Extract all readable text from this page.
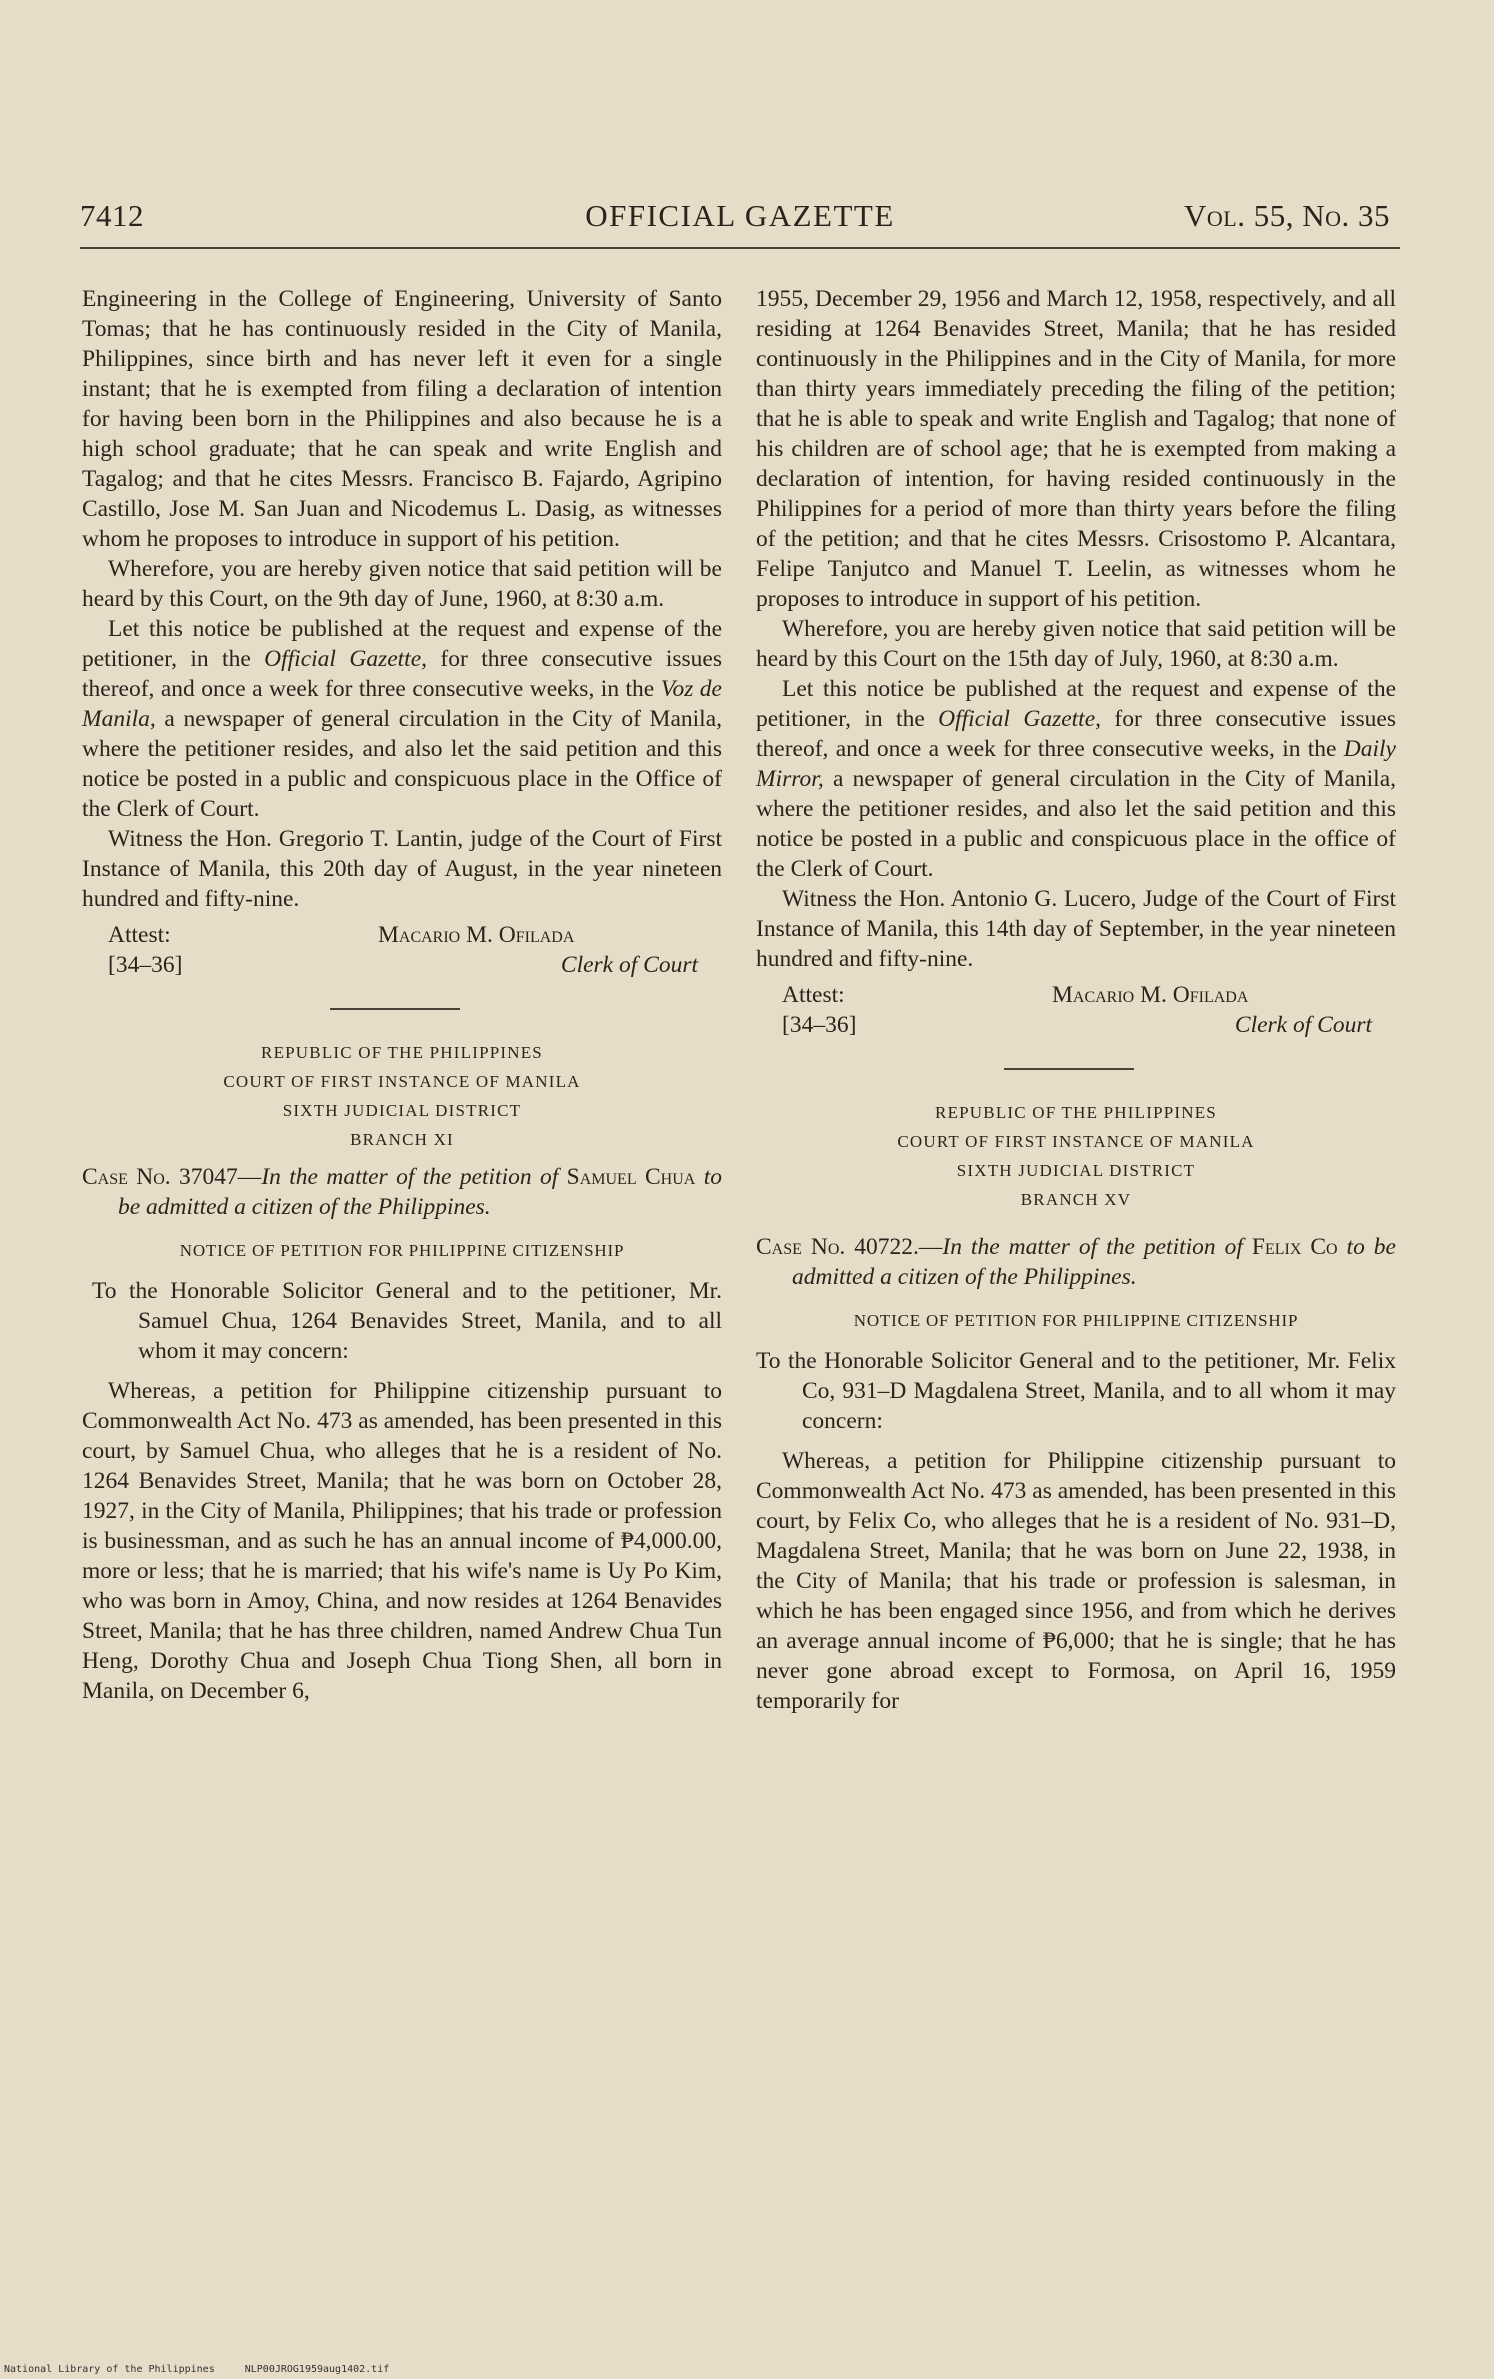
7412	OFFICIAL GAZETTE	Vol. 55, No. 35

Engineering in the College of Engineering, University of Santo Tomas; that he has continuously resided in the City of Manila, Philippines, since birth and has never left it even for a single instant; that he is exempted from filing a declaration of intention for having been born in the Philippines and also because he is a high school graduate; that he can speak and write English and Tagalog; and that he cites Messrs. Francisco B. Fajardo, Agripino Castillo, Jose M. San Juan and Nicodemus L. Dasig, as witnesses whom he proposes to introduce in support of his petition.

Wherefore, you are hereby given notice that said petition will be heard by this Court, on the 9th day of June, 1960, at 8:30 a.m.

Let this notice be published at the request and expense of the petitioner, in the Official Gazette, for three consecutive issues thereof, and once a week for three consecutive weeks, in the Voz de Manila, a newspaper of general circulation in the City of Manila, where the petitioner resides, and also let the said petition and this notice be posted in a public and conspicuous place in the Office of the Clerk of Court.

Witness the Hon. Gregorio T. Lantin, judge of the Court of First Instance of Manila, this 20th day of August, in the year nineteen hundred and fifty-nine.

Attest:
[34–36]
Macario M. Ofilada
Clerk of Court
REPUBLIC OF THE PHILIPPINES
COURT OF FIRST INSTANCE OF MANILA
SIXTH JUDICIAL DISTRICT
BRANCH XI

Case No. 37047—In the matter of the petition of Samuel Chua to be admitted a citizen of the Philippines.

NOTICE OF PETITION FOR PHILIPPINE CITIZENSHIP

To the Honorable Solicitor General and to the petitioner, Mr. Samuel Chua, 1264 Benavides Street, Manila, and to all whom it may concern:

Whereas, a petition for Philippine citizenship pursuant to Commonwealth Act No. 473 as amended, has been presented in this court, by Samuel Chua, who alleges that he is a resident of No. 1264 Benavides Street, Manila; that he was born on October 28, 1927, in the City of Manila, Philippines; that his trade or profession is businessman, and as such he has an annual income of ₱4,000.00, more or less; that he is married; that his wife's name is Uy Po Kim, who was born in Amoy, China, and now resides at 1264 Benavides Street, Manila; that he has three children, named Andrew Chua Tun Heng, Dorothy Chua and Joseph Chua Tiong Shen, all born in Manila, on December 6,

1955, December 29, 1956 and March 12, 1958, respectively, and all residing at 1264 Benavides Street, Manila; that he has resided continuously in the Philippines and in the City of Manila, for more than thirty years immediately preceding the filing of the petition; that he is able to speak and write English and Tagalog; that none of his children are of school age; that he is exempted from making a declaration of intention, for having resided continuously in the Philippines for a period of more than thirty years before the filing of the petition; and that he cites Messrs. Crisostomo P. Alcantara, Felipe Tanjutco and Manuel T. Leelin, as witnesses whom he proposes to introduce in support of his petition.

Wherefore, you are hereby given notice that said petition will be heard by this Court on the 15th day of July, 1960, at 8:30 a.m.

Let this notice be published at the request and expense of the petitioner, in the Official Gazette, for three consecutive issues thereof, and once a week for three consecutive weeks, in the Daily Mirror, a newspaper of general circulation in the City of Manila, where the petitioner resides, and also let the said petition and this notice be posted in a public and conspicuous place in the office of the Clerk of Court.

Witness the Hon. Antonio G. Lucero, Judge of the Court of First Instance of Manila, this 14th day of September, in the year nineteen hundred and fifty-nine.

Attest:
[34–36]
Macario M. Ofilada
Clerk of Court
REPUBLIC OF THE PHILIPPINES
COURT OF FIRST INSTANCE OF MANILA
SIXTH JUDICIAL DISTRICT
BRANCH XV

Case No. 40722.—In the matter of the petition of Felix Co to be admitted a citizen of the Philippines.

NOTICE OF PETITION FOR PHILIPPINE CITIZENSHIP

To the Honorable Solicitor General and to the petitioner, Mr. Felix Co, 931–D Magdalena Street, Manila, and to all whom it may concern:

Whereas, a petition for Philippine citizenship pursuant to Commonwealth Act No. 473 as amended, has been presented in this court, by Felix Co, who alleges that he is a resident of No. 931–D, Magdalena Street, Manila; that he was born on June 22, 1938, in the City of Manila; that his trade or profession is salesman, in which he has been engaged since 1956, and from which he derives an average annual income of ₱6,000; that he is single; that he has never gone abroad except to Formosa, on April 16, 1959 temporarily for

National Library of the Philippines	NLP00JROG1959aug1402.tif
